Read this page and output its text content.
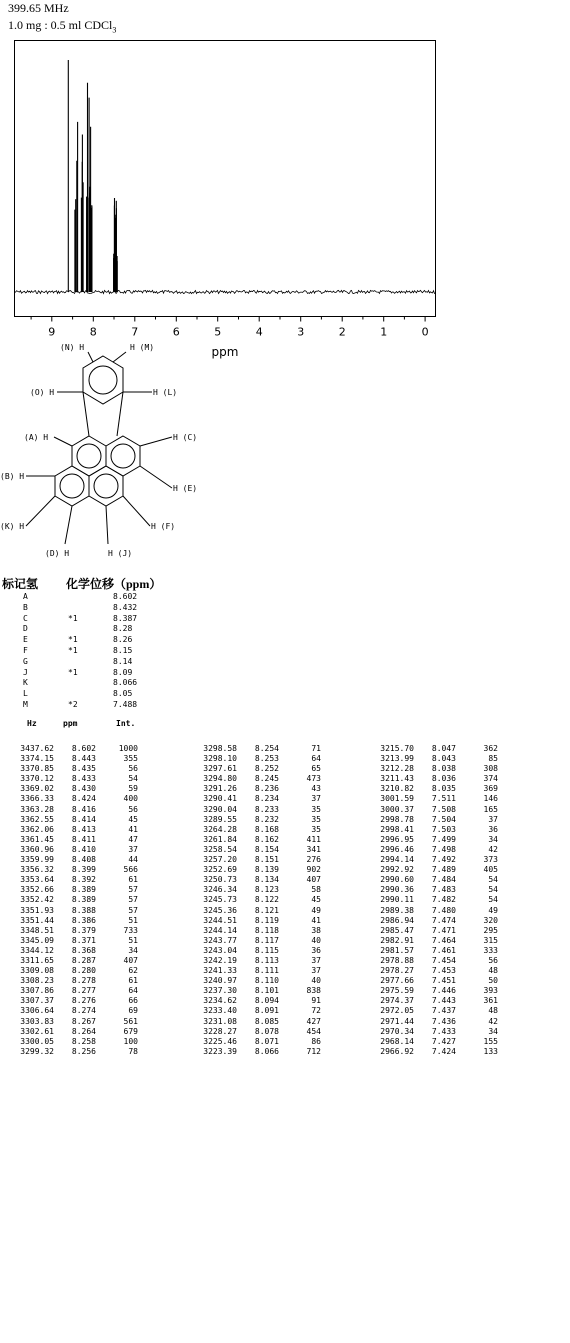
399.65 MHz
1.0 mg : 0.5 ml CDCl$_3$
9	8	7	6	5	4	3	2	1	0
ppm
(N) H	H (M)
(O) H	H (L)
(A) H	H (C)
(B) H
H (E)
(K) H	H (F)
(D) H	H (J)
标记氢 化学位移（ppm）
A		8.602
B		8.432
C	*1	8.387
D		8.28
E	*1	8.26
F	*1	8.15
G		8.14
J	*1	8.09
K		8.066
L		8.05
M	*2	7.488
Hz	ppm	Int.
3437.62	8.602	1000
3374.15	8.443	355
3370.85	8.435	56
3370.12	8.433	54
3369.02	8.430	59
3366.33	8.424	400
3363.28	8.416	56
3362.55	8.414	45
3362.06	8.413	41
3361.45	8.411	47
3360.96	8.410	37
3359.99	8.408	44
3356.32	8.399	566
3353.64	8.392	61
3352.66	8.389	57
3352.42	8.389	57
3351.93	8.388	57
3351.44	8.386	51
3348.51	8.379	733
3345.09	8.371	51
3344.12	8.368	34
3311.65	8.287	407
3309.08	8.280	62
3308.23	8.278	61
3307.86	8.277	64
3307.37	8.276	66
3306.64	8.274	69
3303.83	8.267	561
3302.61	8.264	679
3300.05	8.258	100
3299.32	8.256	78
3298.58	8.254	71
3298.10	8.253	64
3297.61	8.252	65
3294.80	8.245	473
3291.26	8.236	43
3290.41	8.234	37
3290.04	8.233	35
3289.55	8.232	35
3264.28	8.168	35
3261.84	8.162	411
3258.54	8.154	341
3257.20	8.151	276
3252.69	8.139	902
3250.73	8.134	407
3246.34	8.123	58
3245.73	8.122	45
3245.36	8.121	49
3244.51	8.119	41
3244.14	8.118	38
3243.77	8.117	40
3243.04	8.115	36
3242.19	8.113	37
3241.33	8.111	37
3240.97	8.110	40
3237.30	8.101	838
3234.62	8.094	91
3233.40	8.091	72
3231.08	8.085	427
3228.27	8.078	454
3225.46	8.071	86
3223.39	8.066	712
3215.70	8.047	362
3213.99	8.043	85
3212.28	8.038	308
3211.43	8.036	374
3210.82	8.035	369
3001.59	7.511	146
3000.37	7.508	165
2998.78	7.504	37
2998.41	7.503	36
2996.95	7.499	34
2996.46	7.498	42
2994.14	7.492	373
2992.92	7.489	405
2990.60	7.484	54
2990.36	7.483	54
2990.11	7.482	54
2989.38	7.480	49
2986.94	7.474	320
2985.47	7.471	295
2982.91	7.464	315
2981.57	7.461	333
2978.88	7.454	56
2978.27	7.453	48
2977.66	7.451	50
2975.59	7.446	393
2974.37	7.443	361
2972.05	7.437	48
2971.44	7.436	42
2970.34	7.433	34
2968.14	7.427	155
2966.92	7.424	133
